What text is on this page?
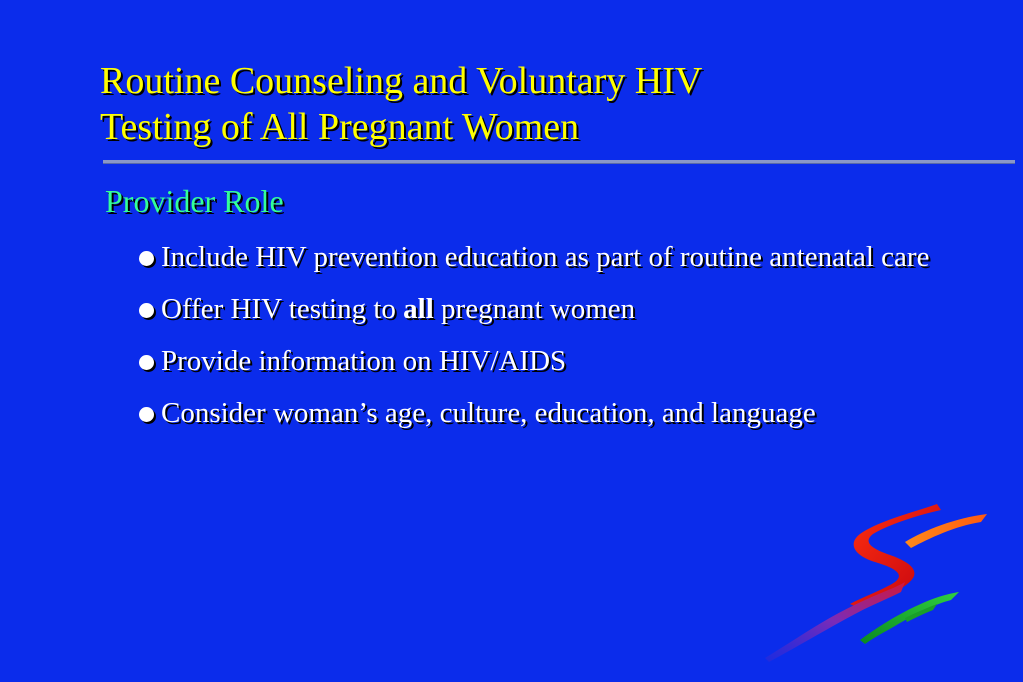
Routine Counseling and Voluntary HIV
Testing of All Pregnant Women
Provider Role
Include HIV prevention education as part of routine antenatal care
Offer HIV testing to all pregnant women
Provide information on HIV/AIDS
Consider woman’s age, culture, education, and language
